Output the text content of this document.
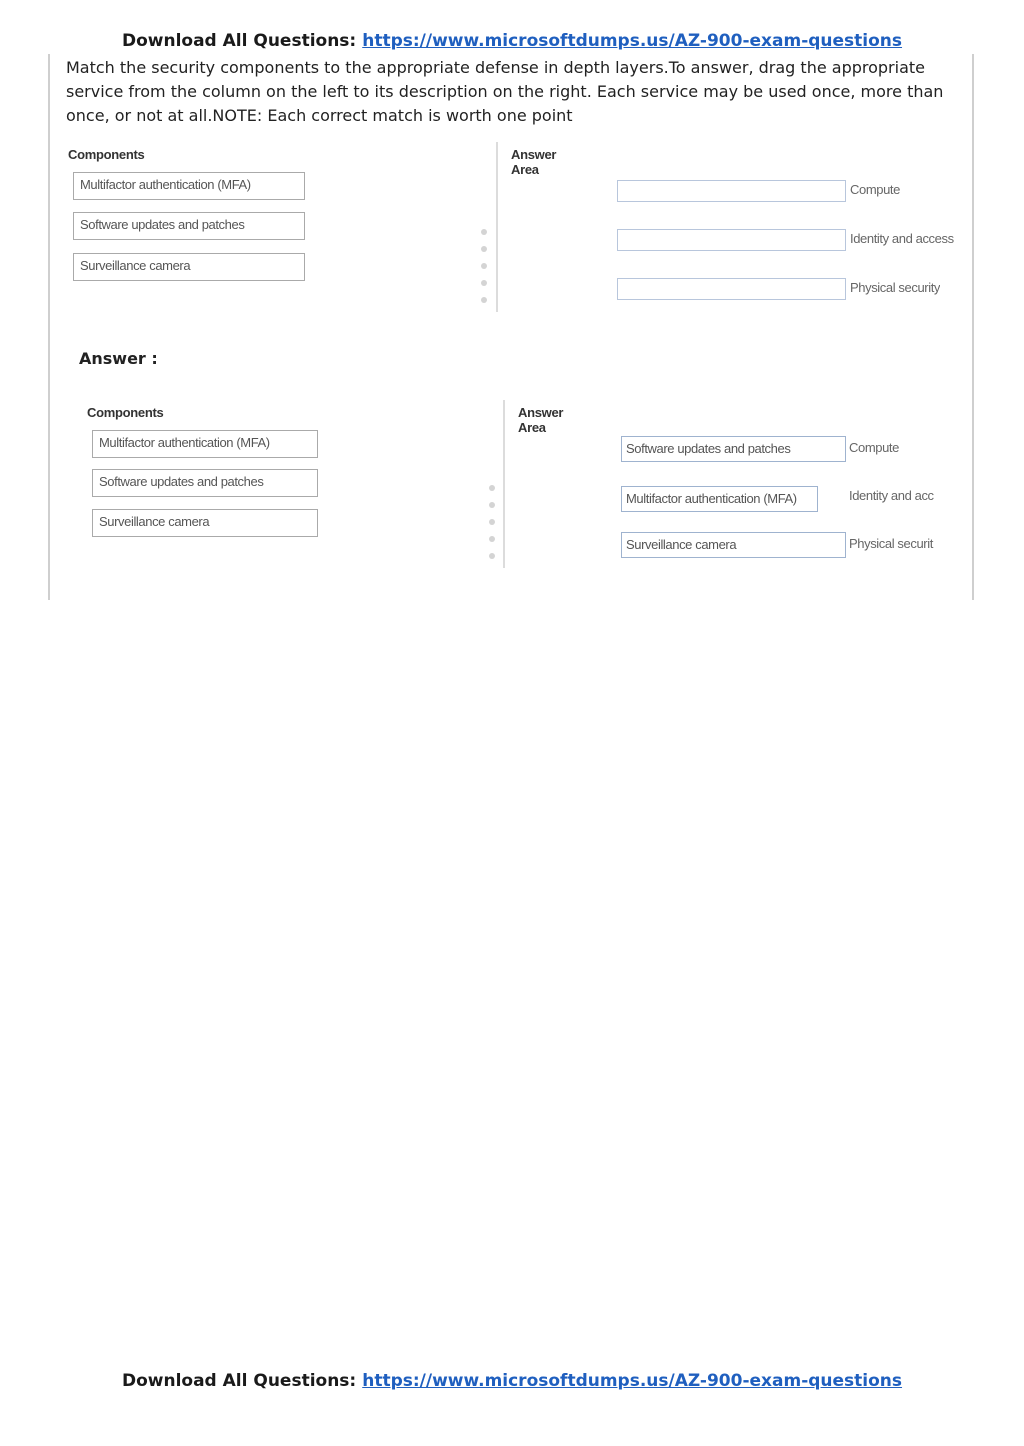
Download All Questions: https://www.microsoftdumps.us/AZ-900-exam-questions
Match the security components to the appropriate defense in depth layers.To answer, drag the appropriate service from the column on the left to its description on the right. Each service may be used once, more than once, or not at all.NOTE: Each correct match is worth one point
Components
Multifactor authentication (MFA)
Software updates and patches
Surveillance camera
Answer Area
Compute
Identity and access
Physical security
Answer :
Components
Multifactor authentication (MFA)
Software updates and patches
Surveillance camera
Answer Area
Software updates and patches	Compute
Multifactor authentication (MFA)	Identity and acc
Surveillance camera	Physical securit
Download All Questions: https://www.microsoftdumps.us/AZ-900-exam-questions
